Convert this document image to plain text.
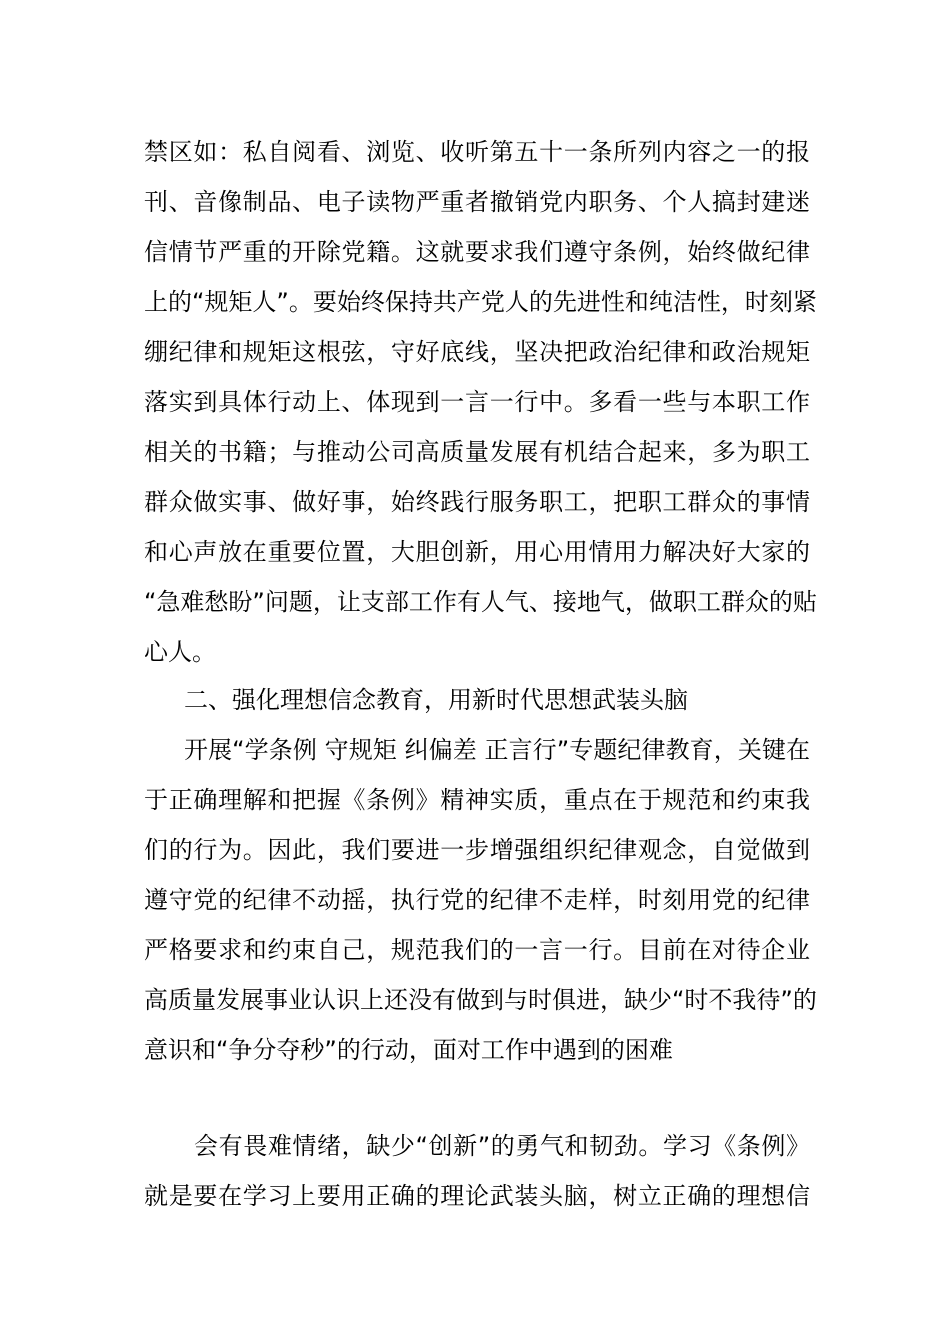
禁区如：私自阅看、浏览、收听第五十一条所列内容之一的报
刊、音像制品、电子读物严重者撤销党内职务、个人搞封建迷
信情节严重的开除党籍。这就要求我们遵守条例，始终做纪律
上的“规矩人”。要始终保持共产党人的先进性和纯洁性，时刻紧
绷纪律和规矩这根弦，守好底线，坚决把政治纪律和政治规矩
落实到具体行动上、体现到一言一行中。多看一些与本职工作
相关的书籍；与推动公司高质量发展有机结合起来，多为职工
群众做实事、做好事，始终践行服务职工，把职工群众的事情
和心声放在重要位置，大胆创新，用心用情用力解决好大家的
“急难愁盼”问题，让支部工作有人气、接地气，做职工群众的贴
心人。
二、强化理想信念教育，用新时代思想武装头脑
开展“学条例 守规矩 纠偏差 正言行”专题纪律教育，关键在
于正确理解和把握《条例》精神实质，重点在于规范和约束我
们的行为。因此，我们要进一步增强组织纪律观念，自觉做到
遵守党的纪律不动摇，执行党的纪律不走样，时刻用党的纪律
严格要求和约束自己，规范我们的一言一行。目前在对待企业
高质量发展事业认识上还没有做到与时俱进，缺少“时不我待”的
意识和“争分夺秒”的行动，面对工作中遇到的困难
会有畏难情绪，缺少“创新”的勇气和韧劲。学习《条例》
就是要在学习上要用正确的理论武装头脑，树立正确的理想信
